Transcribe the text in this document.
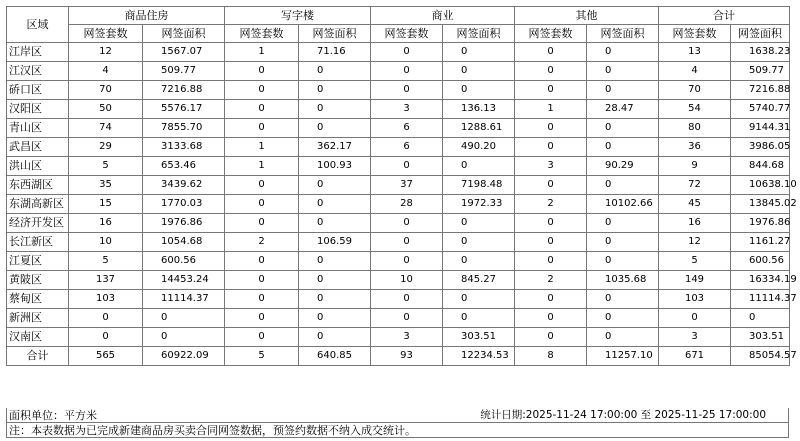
区域	商品住房		写字楼		商业		其他		合计	
	网签套数	网签面积	网签套数	网签面积	网签套数	网签面积	网签套数	网签面积	网签套数	网签面积
江岸区	12	1567.07	1	71.16	0	0	0	0	13	1638.23
江汉区	4	509.77	0	0	0	0	0	0	4	509.77
硚口区	70	7216.88	0	0	0	0	0	0	70	7216.88
汉阳区	50	5576.17	0	0	3	136.13	1	28.47	54	5740.77
青山区	74	7855.70	0	0	6	1288.61	0	0	80	9144.31
武昌区	29	3133.68	1	362.17	6	490.20	0	0	36	3986.05
洪山区	5	653.46	1	100.93	0	0	3	90.29	9	844.68
东西湖区	35	3439.62	0	0	37	7198.48	0	0	72	10638.10
东湖高新区	15	1770.03	0	0	28	1972.33	2	10102.66	45	13845.02
经济开发区	16	1976.86	0	0	0	0	0	0	16	1976.86
长江新区	10	1054.68	2	106.59	0	0	0	0	12	1161.27
江夏区	5	600.56	0	0	0	0	0	0	5	600.56
黄陂区	137	14453.24	0	0	10	845.27	2	1035.68	149	16334.19
蔡甸区	103	11114.37	0	0	0	0	0	0	103	11114.37
新洲区	0	0	0	0	0	0	0	0	0	0
汉南区	0	0	0	0	3	303.51	0	0	3	303.51
合计	565	60922.09	5	640.85	93	12234.53	8	11257.10	671	85054.57
面积单位：平方米	统计日期:2025-11-24 17:00:00 至 2025-11-25 17:00:00
注：本表数据为已完成新建商品房买卖合同网签数据，预签约数据不纳入成交统计。
